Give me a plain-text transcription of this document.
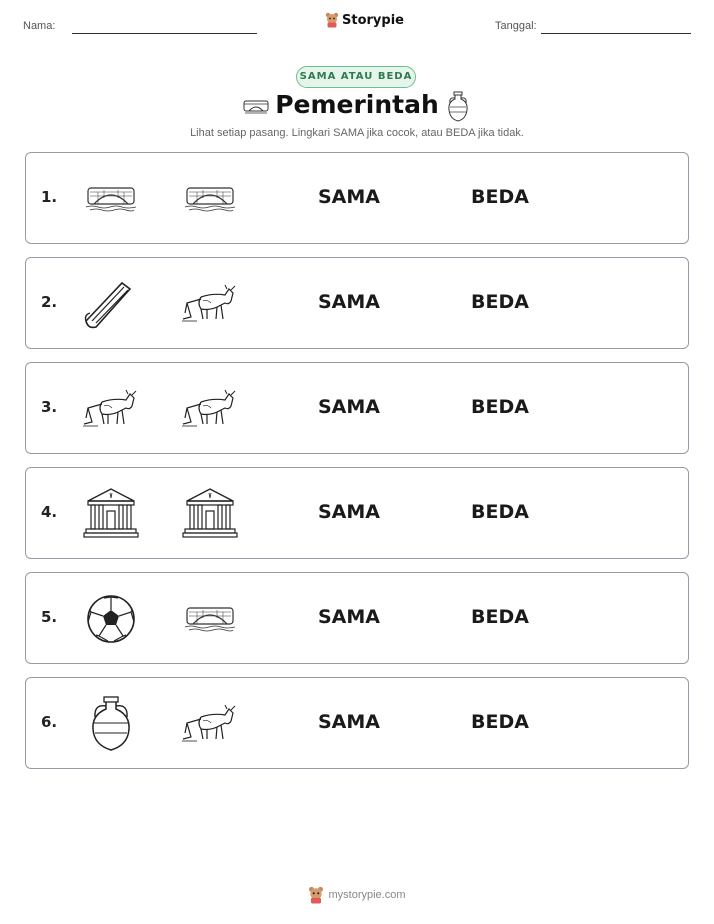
Nama:	Storypie	Tanggal:
SAMA ATAU BEDA
Pemerintah
Lihat setiap pasang. Lingkari SAMA jika cocok, atau BEDA jika tidak.
1.	SAMA	BEDA
2.	SAMA	BEDA
3.	SAMA	BEDA
4.	SAMA	BEDA
5.	SAMA	BEDA
6.	SAMA	BEDA
mystorypie.com
